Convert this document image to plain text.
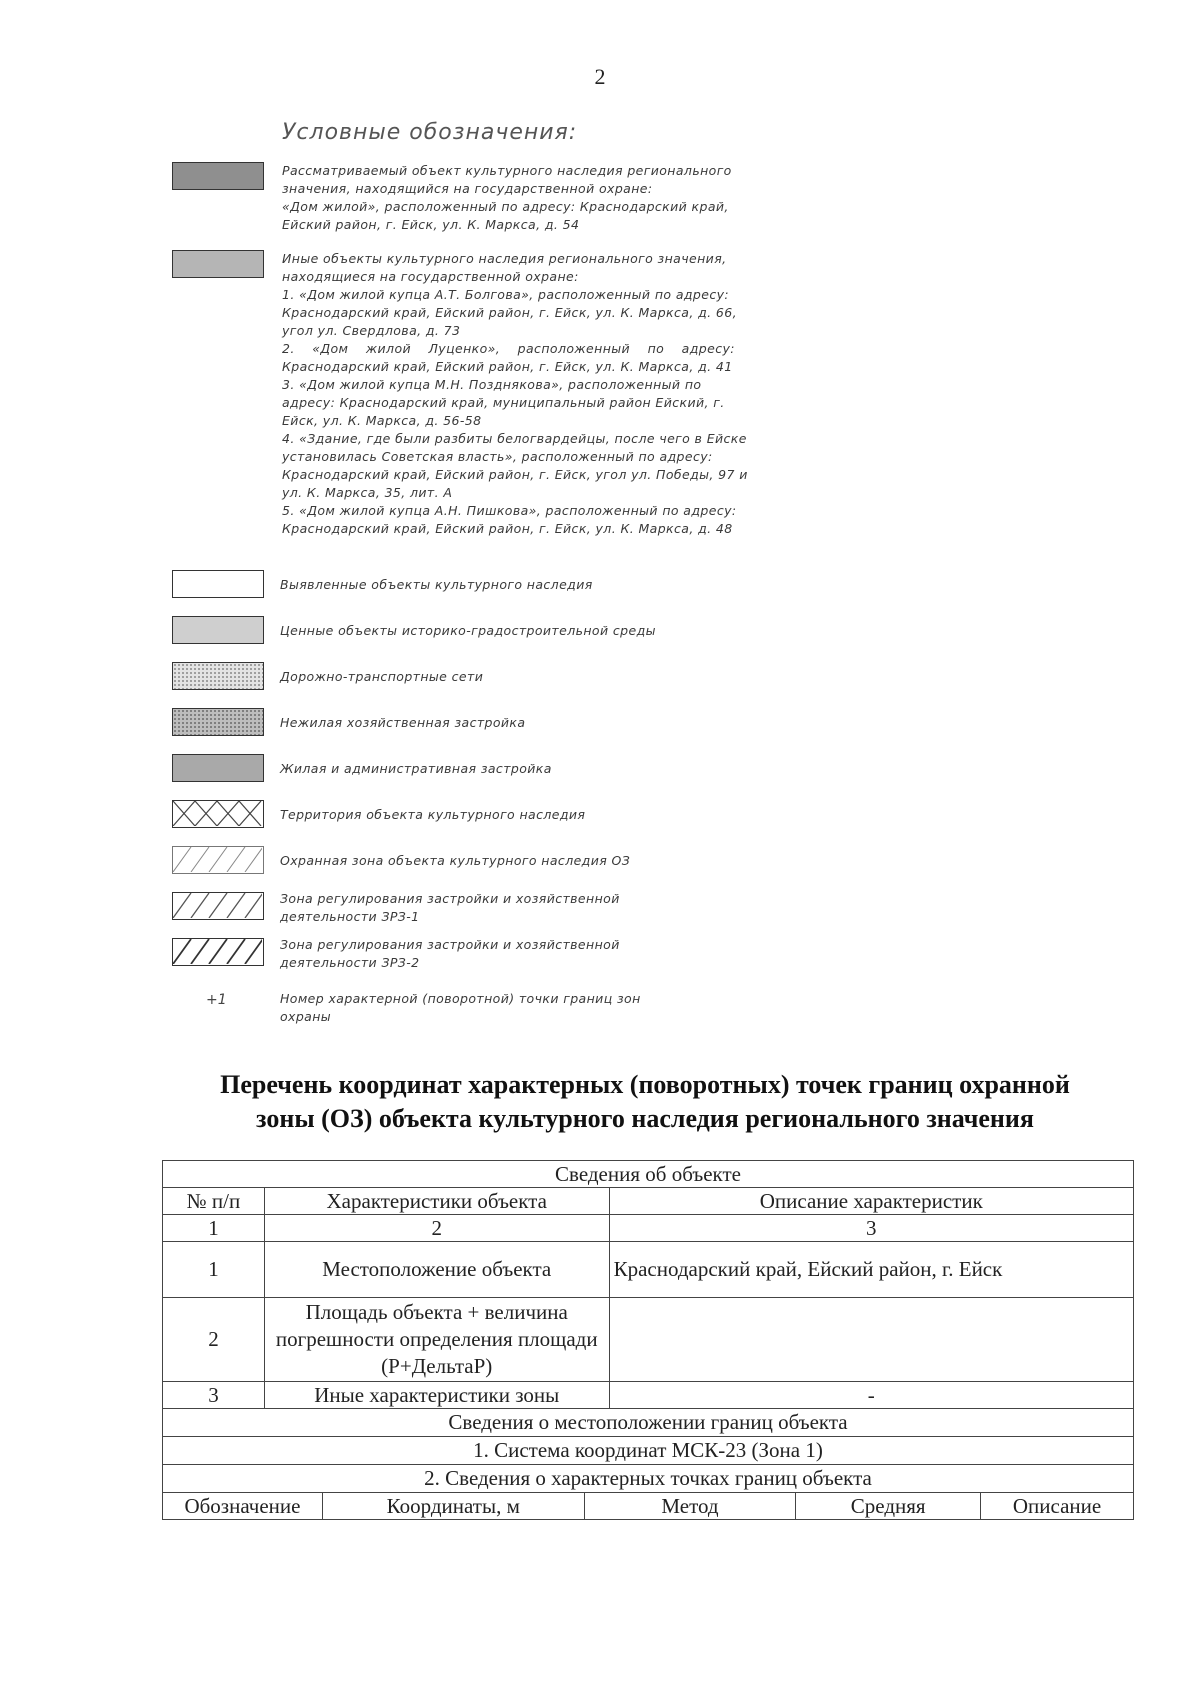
2
Условные обозначения:
+1
Рассматриваемый объект культурного наследия регионального
значения, находящийся на государственной охране:
«Дом жилой», расположенный по адресу: Краснодарский край,
Ейский район, г. Ейск, ул. К. Маркса, д. 54
Иные объекты культурного наследия регионального значения,
находящиеся на государственной охране:
1. «Дом жилой купца А.Т. Болгова», расположенный по адресу:
Краснодарский край, Ейский район, г. Ейск, ул. К. Маркса, д. 66,
угол ул. Свердлова, д. 73
2.    «Дом    жилой    Луценко»,    расположенный    по    адресу:
Краснодарский край, Ейский район, г. Ейск, ул. К. Маркса, д. 41
3. «Дом жилой купца М.Н. Позднякова», расположенный по
адресу: Краснодарский край, муниципальный район Ейский, г.
Ейск, ул. К. Маркса, д. 56-58
4. «Здание, где были разбиты белогвардейцы, после чего в Ейске
установилась Советская власть», расположенный по адресу:
Краснодарский край, Ейский район, г. Ейск, угол ул. Победы, 97 и
ул. К. Маркса, 35, лит. А
5. «Дом жилой купца А.Н. Пишкова», расположенный по адресу:
Краснодарский край, Ейский район, г. Ейск, ул. К. Маркса, д. 48
Выявленные объекты культурного наследия
Ценные объекты историко-градостроительной среды
Дорожно-транспортные сети
Нежилая хозяйственная застройка
Жилая и административная застройка
Территория объекта культурного наследия
Охранная зона объекта культурного наследия ОЗ
Зона регулирования застройки и хозяйственной
деятельности ЗРЗ-1
Зона регулирования застройки и хозяйственной
деятельности ЗРЗ-2
Номер характерной (поворотной) точки границ зон
охраны
Перечень координат характерных (поворотных) точек границ охранной
зоны (ОЗ) объекта культурного наследия регионального значения
Сведения об объекте		
№ п/п	Характеристики объекта	Описание характеристик
1	2	3
1	Местоположение объекта	Краснодарский край, Ейский район, г. Ейск
2	Площадь объекта + величина погрешности определения площади (P+ДельтаP)	
3	Иные характеристики зоны	-
Сведения о местоположении границ объекта
1. Система координат МСК-23 (Зона 1)
2. Сведения о характерных точках границ объекта
Обозначение	Координаты, м	Метод	Средняя	Описание
